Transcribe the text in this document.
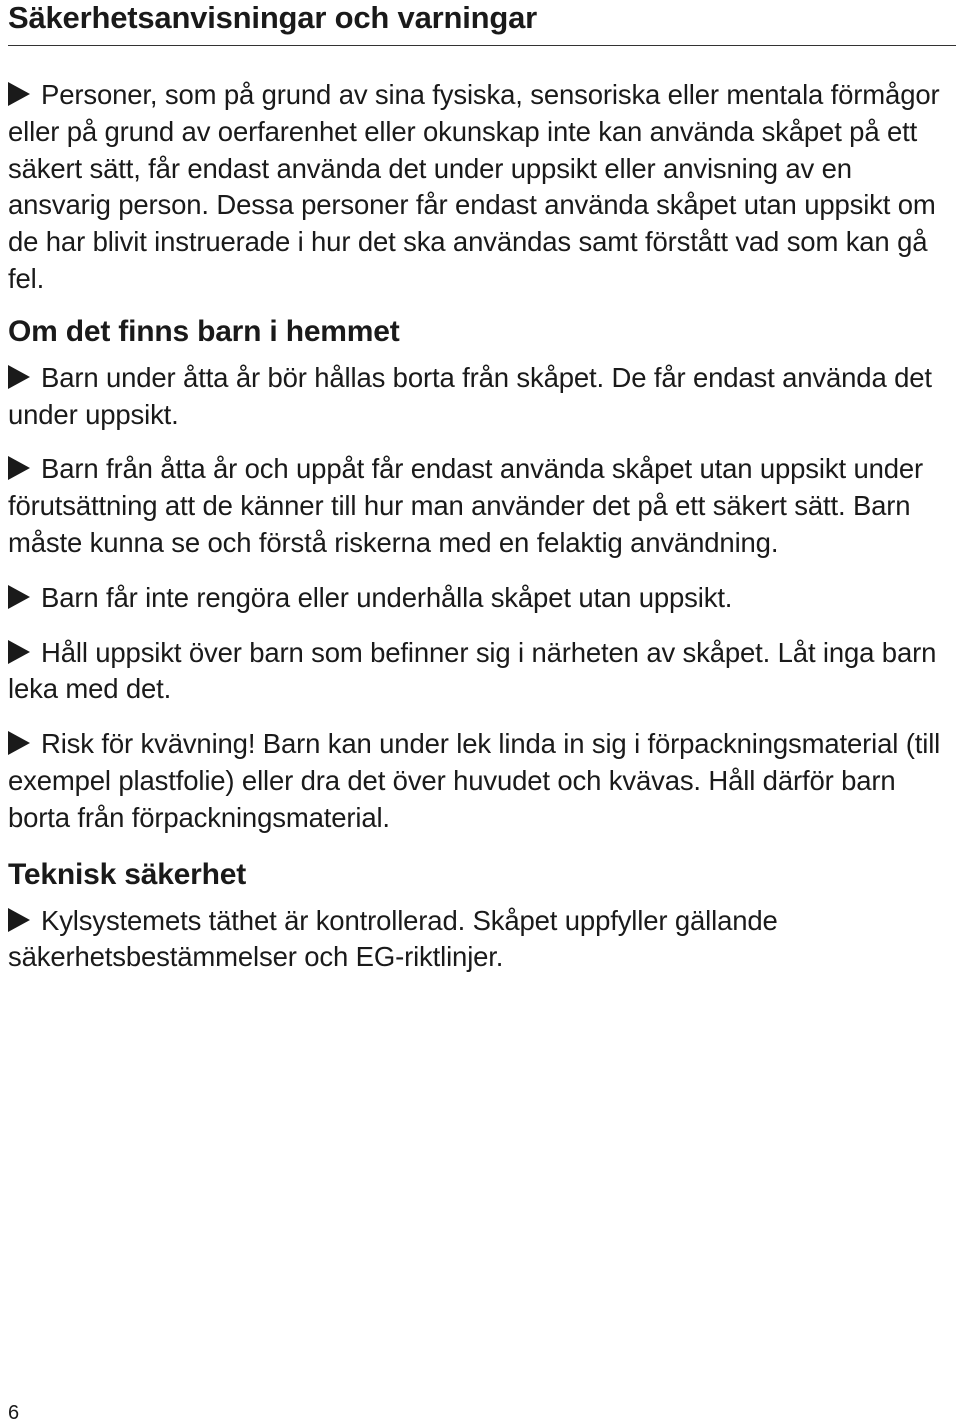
Säkerhetsanvisningar och varningar

Personer, som på grund av sina fysiska, sensoriska eller mentala förmågor eller på grund av oerfarenhet eller okunskap inte kan använda skåpet på ett säkert sätt, får endast använda det under uppsikt eller anvisning av en ansvarig person. Dessa personer får endast använda skåpet utan uppsikt om de har blivit instruerade i hur det ska användas samt förstått vad som kan gå fel.

Om det finns barn i hemmet

Barn under åtta år bör hållas borta från skåpet. De får endast använda det under uppsikt.

Barn från åtta år och uppåt får endast använda skåpet utan uppsikt under förutsättning att de känner till hur man använder det på ett säkert sätt. Barn måste kunna se och förstå riskerna med en felaktig användning.

Barn får inte rengöra eller underhålla skåpet utan uppsikt.

Håll uppsikt över barn som befinner sig i närheten av skåpet. Låt inga barn leka med det.

Risk för kvävning! Barn kan under lek linda in sig i förpackningsmaterial (till exempel plastfolie) eller dra det över huvudet och kvävas. Håll därför barn borta från förpackningsmaterial.

Teknisk säkerhet

Kylsystemets täthet är kontrollerad. Skåpet uppfyller gällande säkerhetsbestämmelser och EG-riktlinjer.

6
